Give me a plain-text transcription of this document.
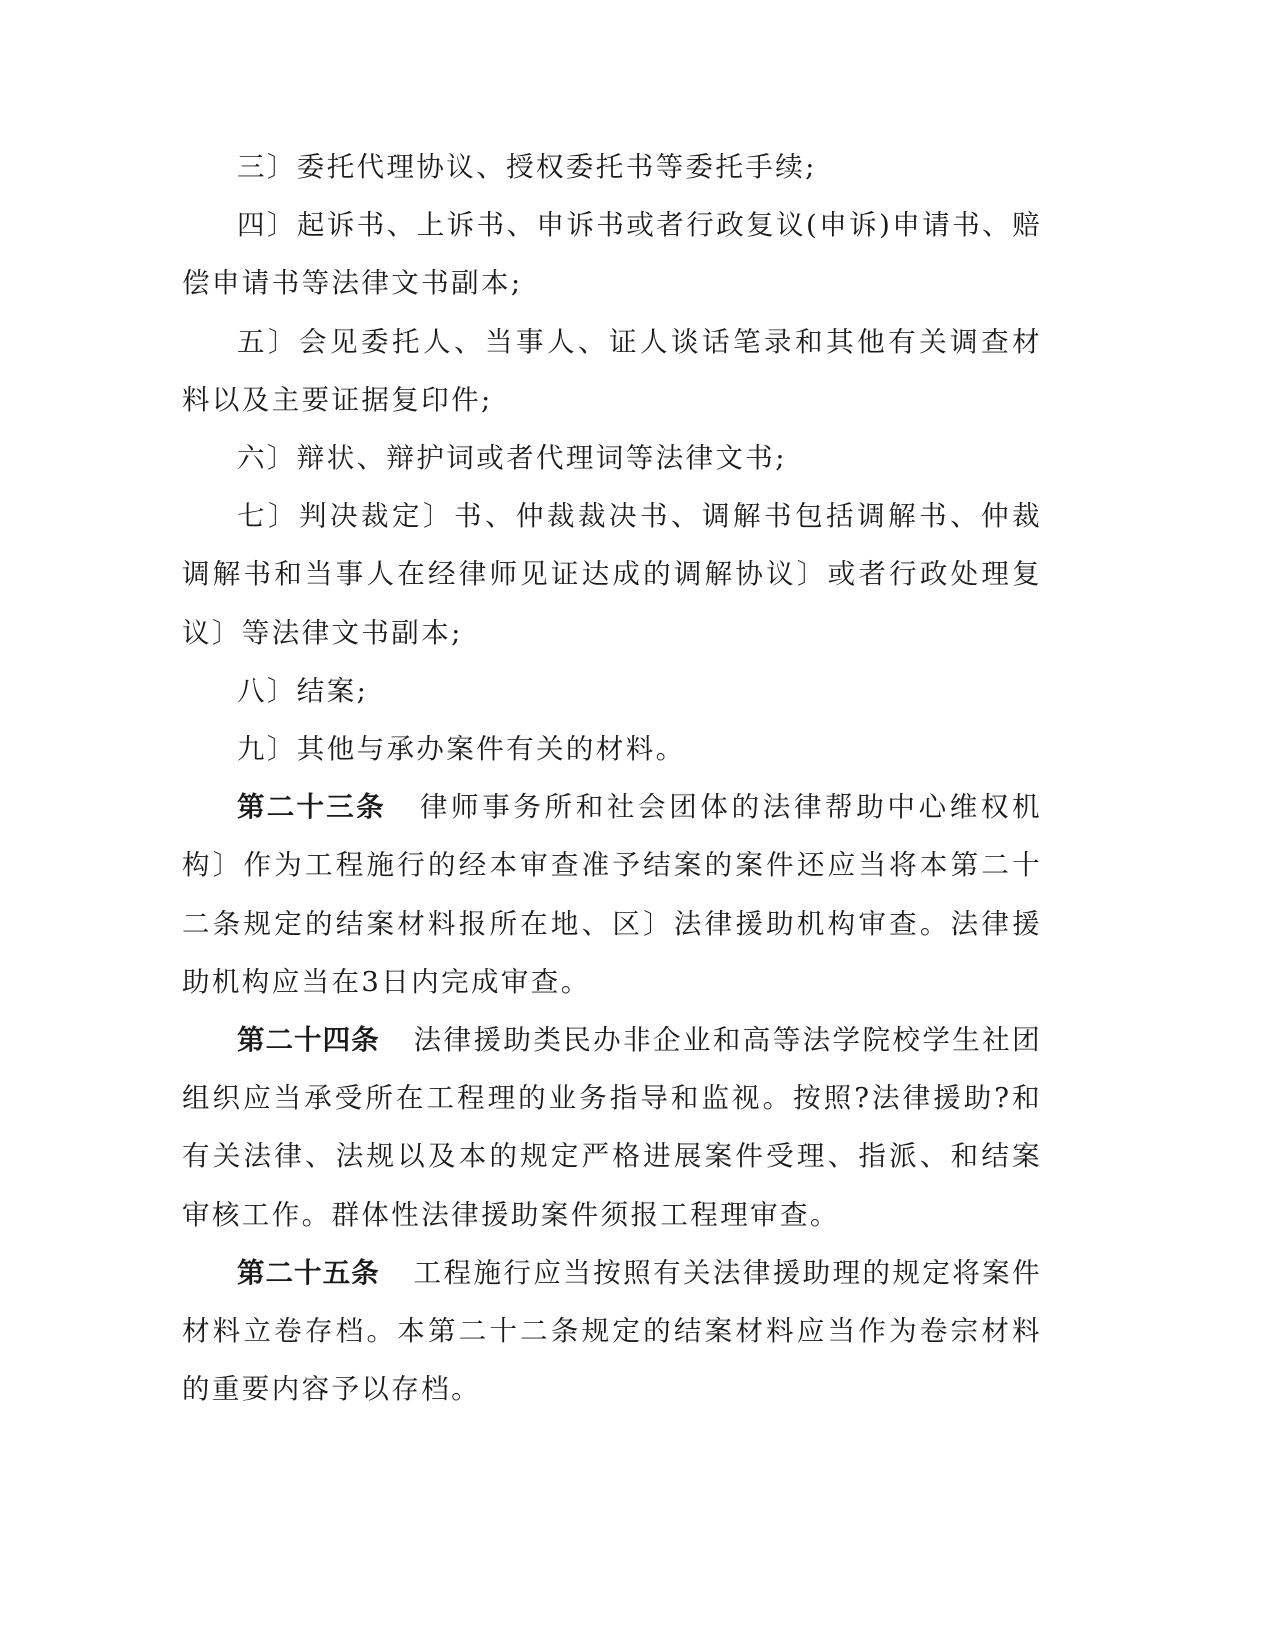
三〕委托代理协议、授权委托书等委托手续;

四〕起诉书、上诉书、申诉书或者行政复议(申诉)申请书、赔偿申请书等法律文书副本;

五〕会见委托人、当事人、证人谈话笔录和其他有关调查材料以及主要证据复印件;

六〕辩状、辩护词或者代理词等法律文书;

七〕判决裁定〕书、仲裁裁决书、调解书包括调解书、仲裁调解书和当事人在经律师见证达成的调解协议〕或者行政处理复议〕等法律文书副本;

八〕结案;

九〕其他与承办案件有关的材料。

第二十三条 律师事务所和社会团体的法律帮助中心维权机构〕作为工程施行的经本审查准予结案的案件还应当将本第二十二条规定的结案材料报所在地、区〕法律援助机构审查。法律援助机构应当在3日内完成审查。

第二十四条 法律援助类民办非企业和高等法学院校学生社团组织应当承受所在工程理的业务指导和监视。按照?法律援助?和有关法律、法规以及本的规定严格进展案件受理、指派、和结案审核工作。群体性法律援助案件须报工程理审查。

第二十五条 工程施行应当按照有关法律援助理的规定将案件材料立卷存档。本第二十二条规定的结案材料应当作为卷宗材料的重要内容予以存档。
